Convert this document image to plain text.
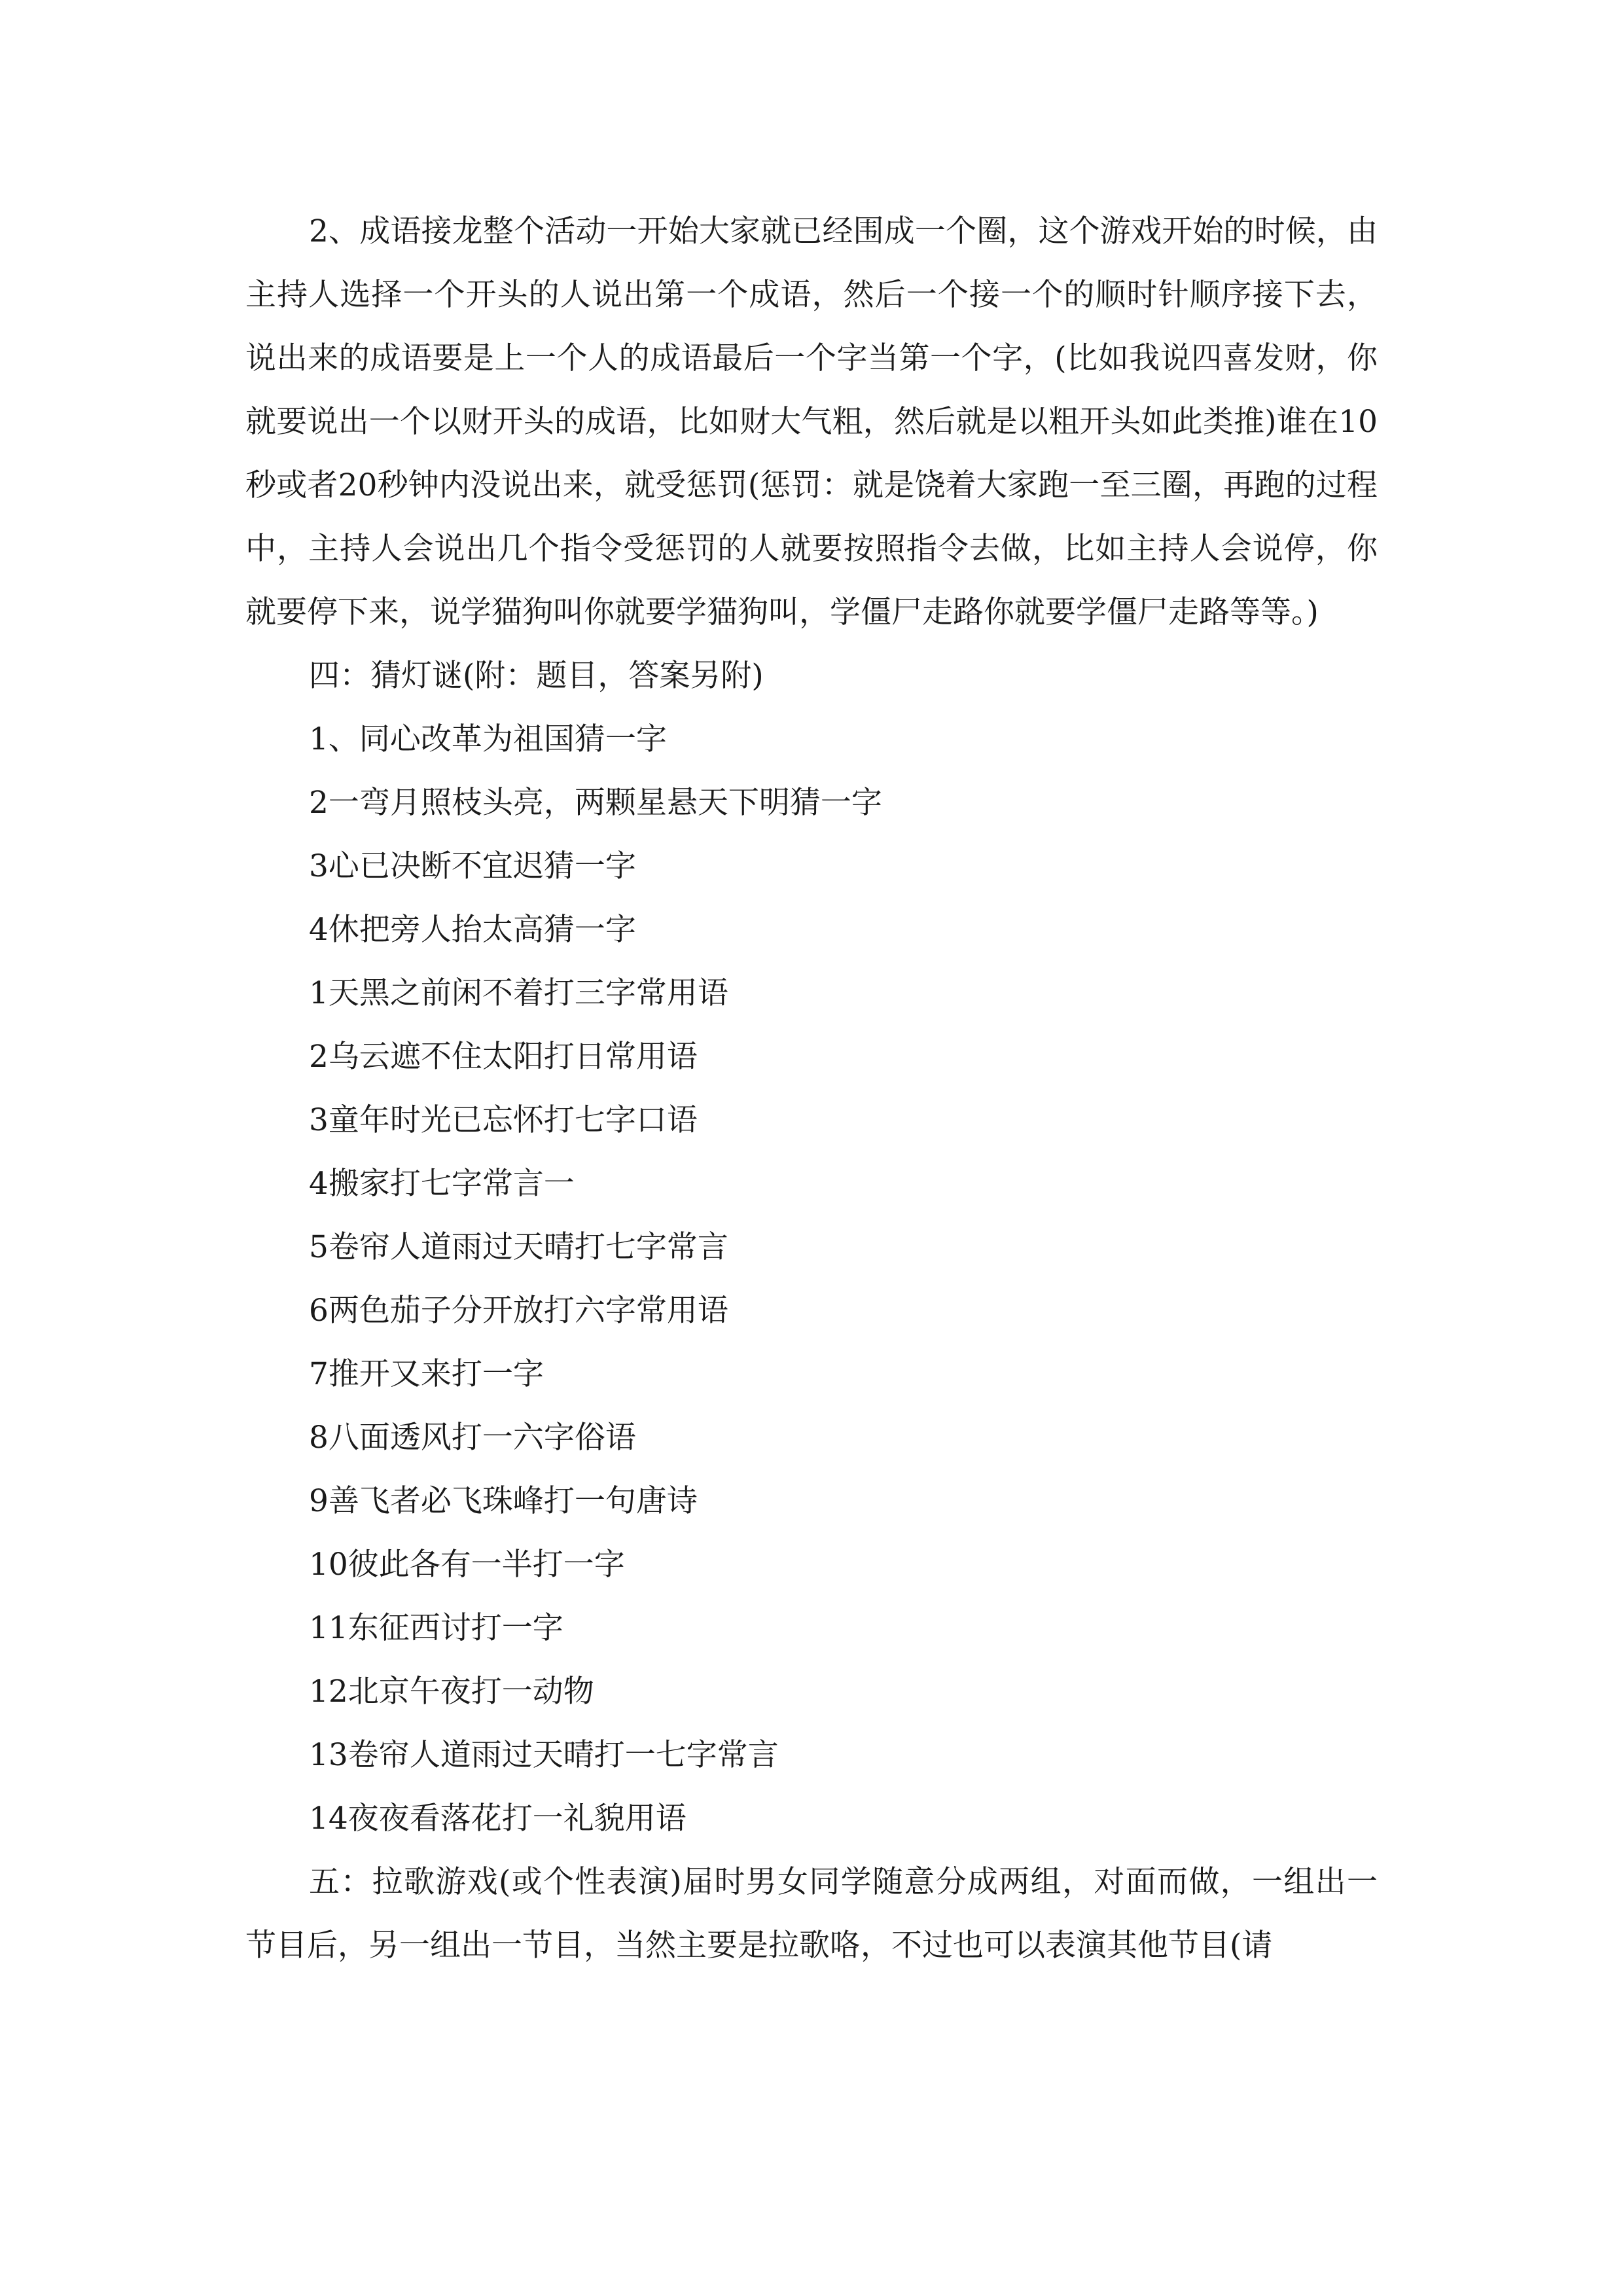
2、成语接龙整个活动一开始大家就已经围成一个圈，这个游戏开始的时候，由主持人选择一个开头的人说出第一个成语，然后一个接一个的顺时针顺序接下去，说出来的成语要是上一个人的成语最后一个字当第一个字，(比如我说四喜发财，你就要说出一个以财开头的成语，比如财大气粗，然后就是以粗开头如此类推)谁在10秒或者20秒钟内没说出来，就受惩罚(惩罚：就是饶着大家跑一至三圈，再跑的过程中，主持人会说出几个指令受惩罚的人就要按照指令去做，比如主持人会说停，你就要停下来，说学猫狗叫你就要学猫狗叫，学僵尸走路你就要学僵尸走路等等。)

四：猜灯谜(附：题目，答案另附)

1、同心改革为祖国猜一字

2一弯月照枝头亮，两颗星悬天下明猜一字

3心已决断不宜迟猜一字

4休把旁人抬太高猜一字

1天黑之前闲不着打三字常用语

2乌云遮不住太阳打日常用语

3童年时光已忘怀打七字口语

4搬家打七字常言一

5卷帘人道雨过天晴打七字常言

6两色茄子分开放打六字常用语

7推开又来打一字

8八面透风打一六字俗语

9善飞者必飞珠峰打一句唐诗

10彼此各有一半打一字

11东征西讨打一字

12北京午夜打一动物

13卷帘人道雨过天晴打一七字常言

14夜夜看落花打一礼貌用语

五：拉歌游戏(或个性表演)届时男女同学随意分成两组，对面而做，一组出一节目后，另一组出一节目，当然主要是拉歌咯，不过也可以表演其他节目(请
